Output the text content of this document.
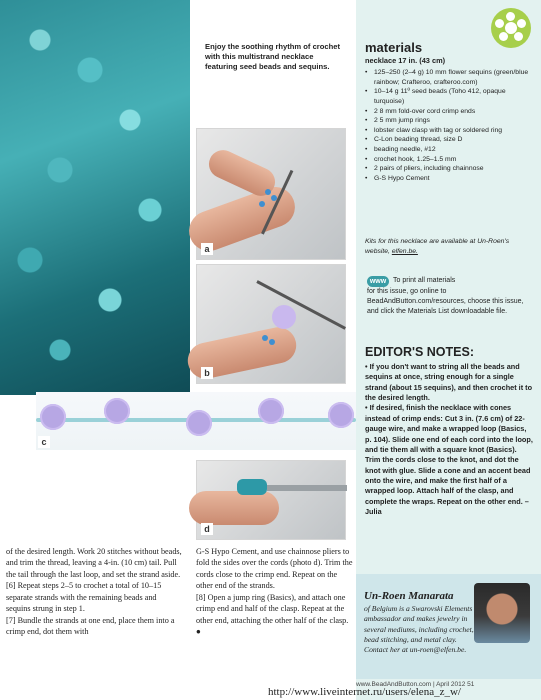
Enjoy the soothing rhythm of crochet with this multistrand necklace featuring seed beads and sequins.
a
b
c
d
materials
necklace 17 in. (43 cm)
• 125–250 (2–4 g) 10 mm flower sequins (green/blue rainbow; Crafteroo, crafteroo.com)
• 10–14 g 11º seed beads (Toho 412, opaque turquoise)
• 2 8 mm fold-over cord crimp ends
• 2 5 mm jump rings
• lobster claw clasp with tag or soldered ring
• C-Lon beading thread, size D
• beading needle, #12
• crochet hook, 1.25–1.5 mm
• 2 pairs of pliers, including chainnose
• G-S Hypo Cement
Kits for this necklace are available at Un-Roen's website, elfen.be.
www To print all materials
for this issue, go online to BeadAndButton.com/resources, choose this issue, and click the Materials List downloadable file.
EDITOR'S NOTES:

• If you don't want to string all the beads and sequins at once, string enough for a single strand (about 15 sequins), and then crochet it to the desired length.

• If desired, finish the necklace with cones instead of crimp ends: Cut 3 in. (7.6 cm) of 22-gauge wire, and make a wrapped loop (Basics, p. 104). Slide one end of each cord into the loop, and tie them all with a square knot (Basics). Trim the cords close to the knot, and dot the knot with glue. Slide a cone and an accent bead onto the wire, and make the first half of a wrapped loop. Attach half of the clasp, and complete the wraps. Repeat on the other end. – Julia

Un-Roen Manarata
of Belgium is a Swarovski Elements ambassador and makes jewelry in several mediums, including crochet, bead stitching, and metal clay. Contact her at un-roen@elfen.be.

of the desired length. Work 20 stitches without beads, and trim the thread, leaving a 4-in. (10 cm) tail. Pull the tail through the last loop, and set the strand aside.

[6] Repeat steps 2–5 to crochet a total of 10–15 separate strands with the remaining beads and sequins strung in step 1.

[7] Bundle the strands at one end, place them into a crimp end, dot them with

G-S Hypo Cement, and use chainnose pliers to fold the sides over the cords (photo d). Trim the cords close to the crimp end. Repeat on the other end of the strands.

[8] Open a jump ring (Basics), and attach one crimp end and half of the clasp. Repeat at the other end, attaching the other half of the clasp. ●

www.BeadAndButton.com | April 2012 51
http://www.liveinternet.ru/users/elena_z_w/
